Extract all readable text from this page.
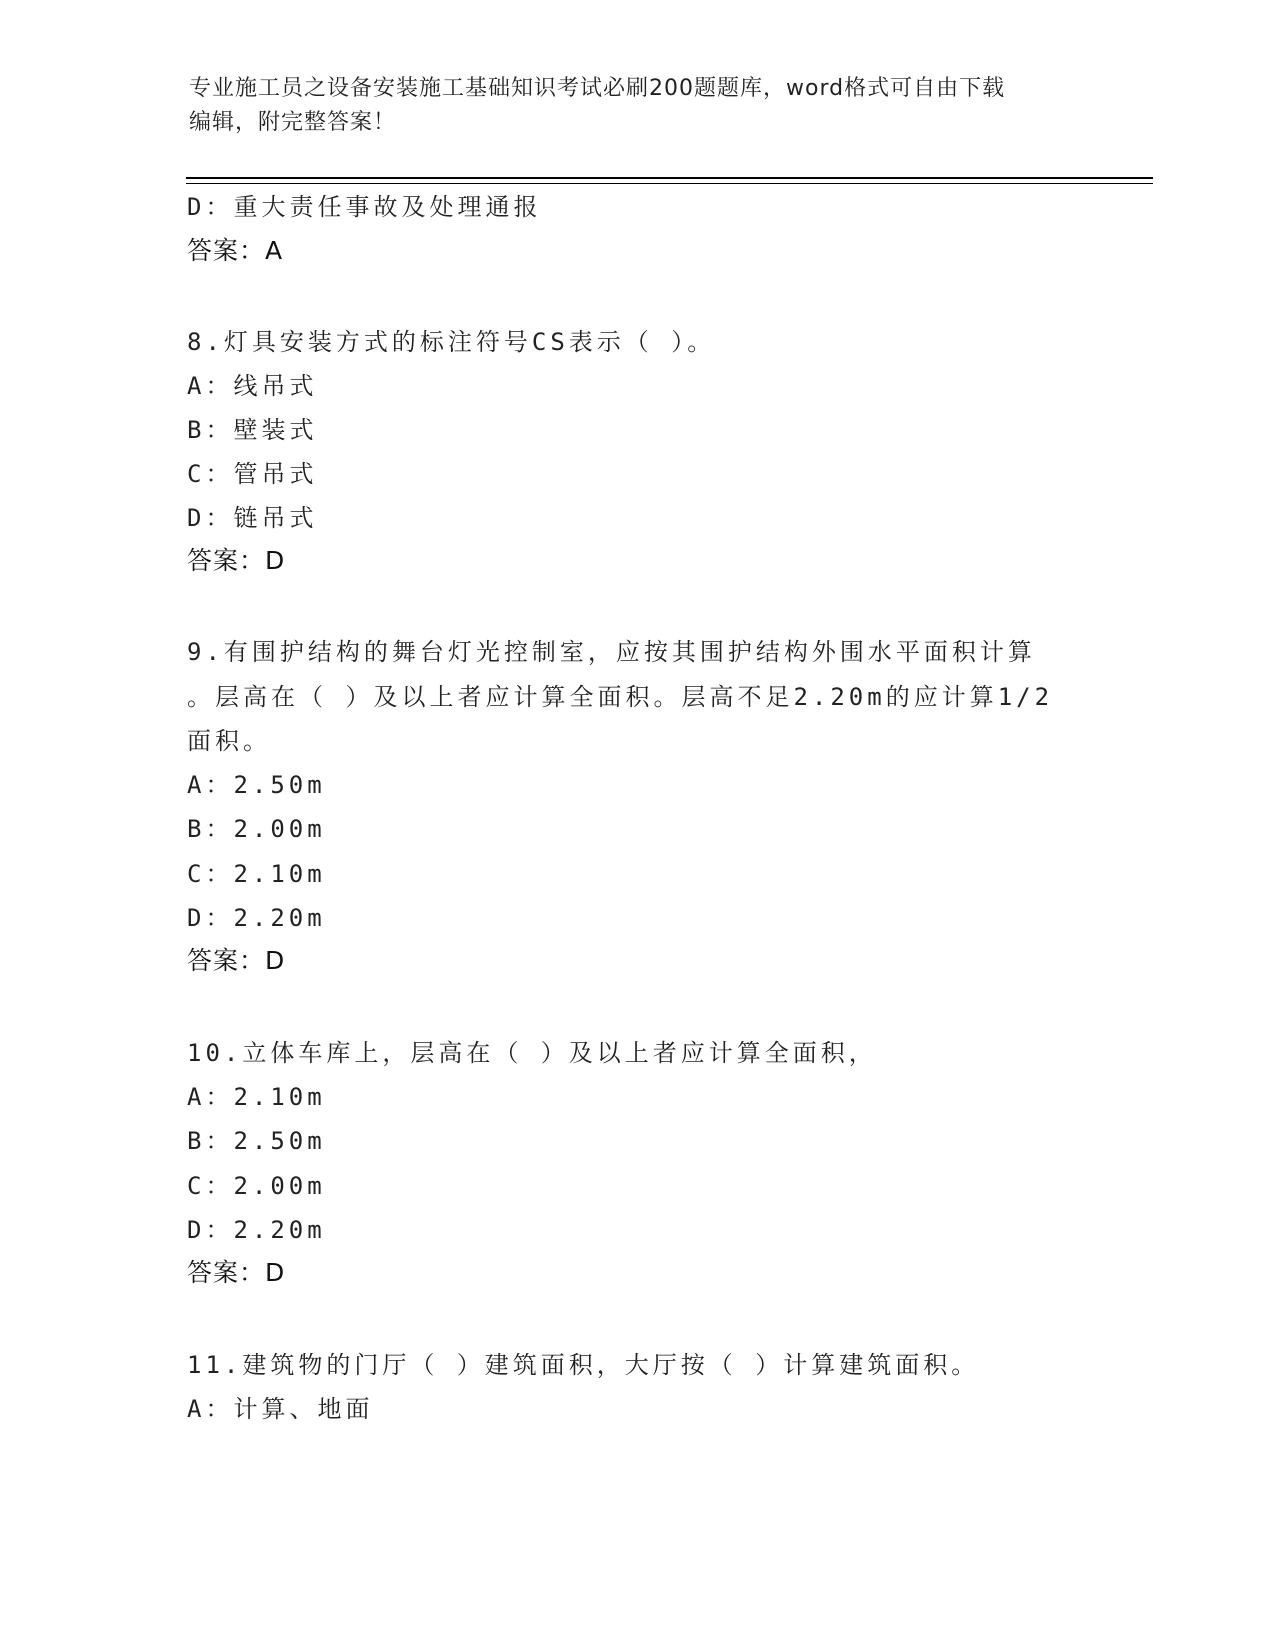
专业施工员之设备安装施工基础知识考试必刷200题题库，word格式可自由下载
编辑，附完整答案！
D：重大责任事故及处理通报
答案：A
8.灯具安装方式的标注符号CS表示（ ）。
A：线吊式
B：壁装式
C：管吊式
D：链吊式
答案：D
9.有围护结构的舞台灯光控制室，应按其围护结构外围水平面积计算
。层高在（ ）及以上者应计算全面积。层高不足2.20m的应计算1/2
面积。
A：2.50m
B：2.00m
C：2.10m
D：2.20m
答案：D
10.立体车库上，层高在（ ）及以上者应计算全面积，
A：2.10m
B：2.50m
C：2.00m
D：2.20m
答案：D
11.建筑物的门厅（ ）建筑面积，大厅按（ ）计算建筑面积。
A：计算、地面
